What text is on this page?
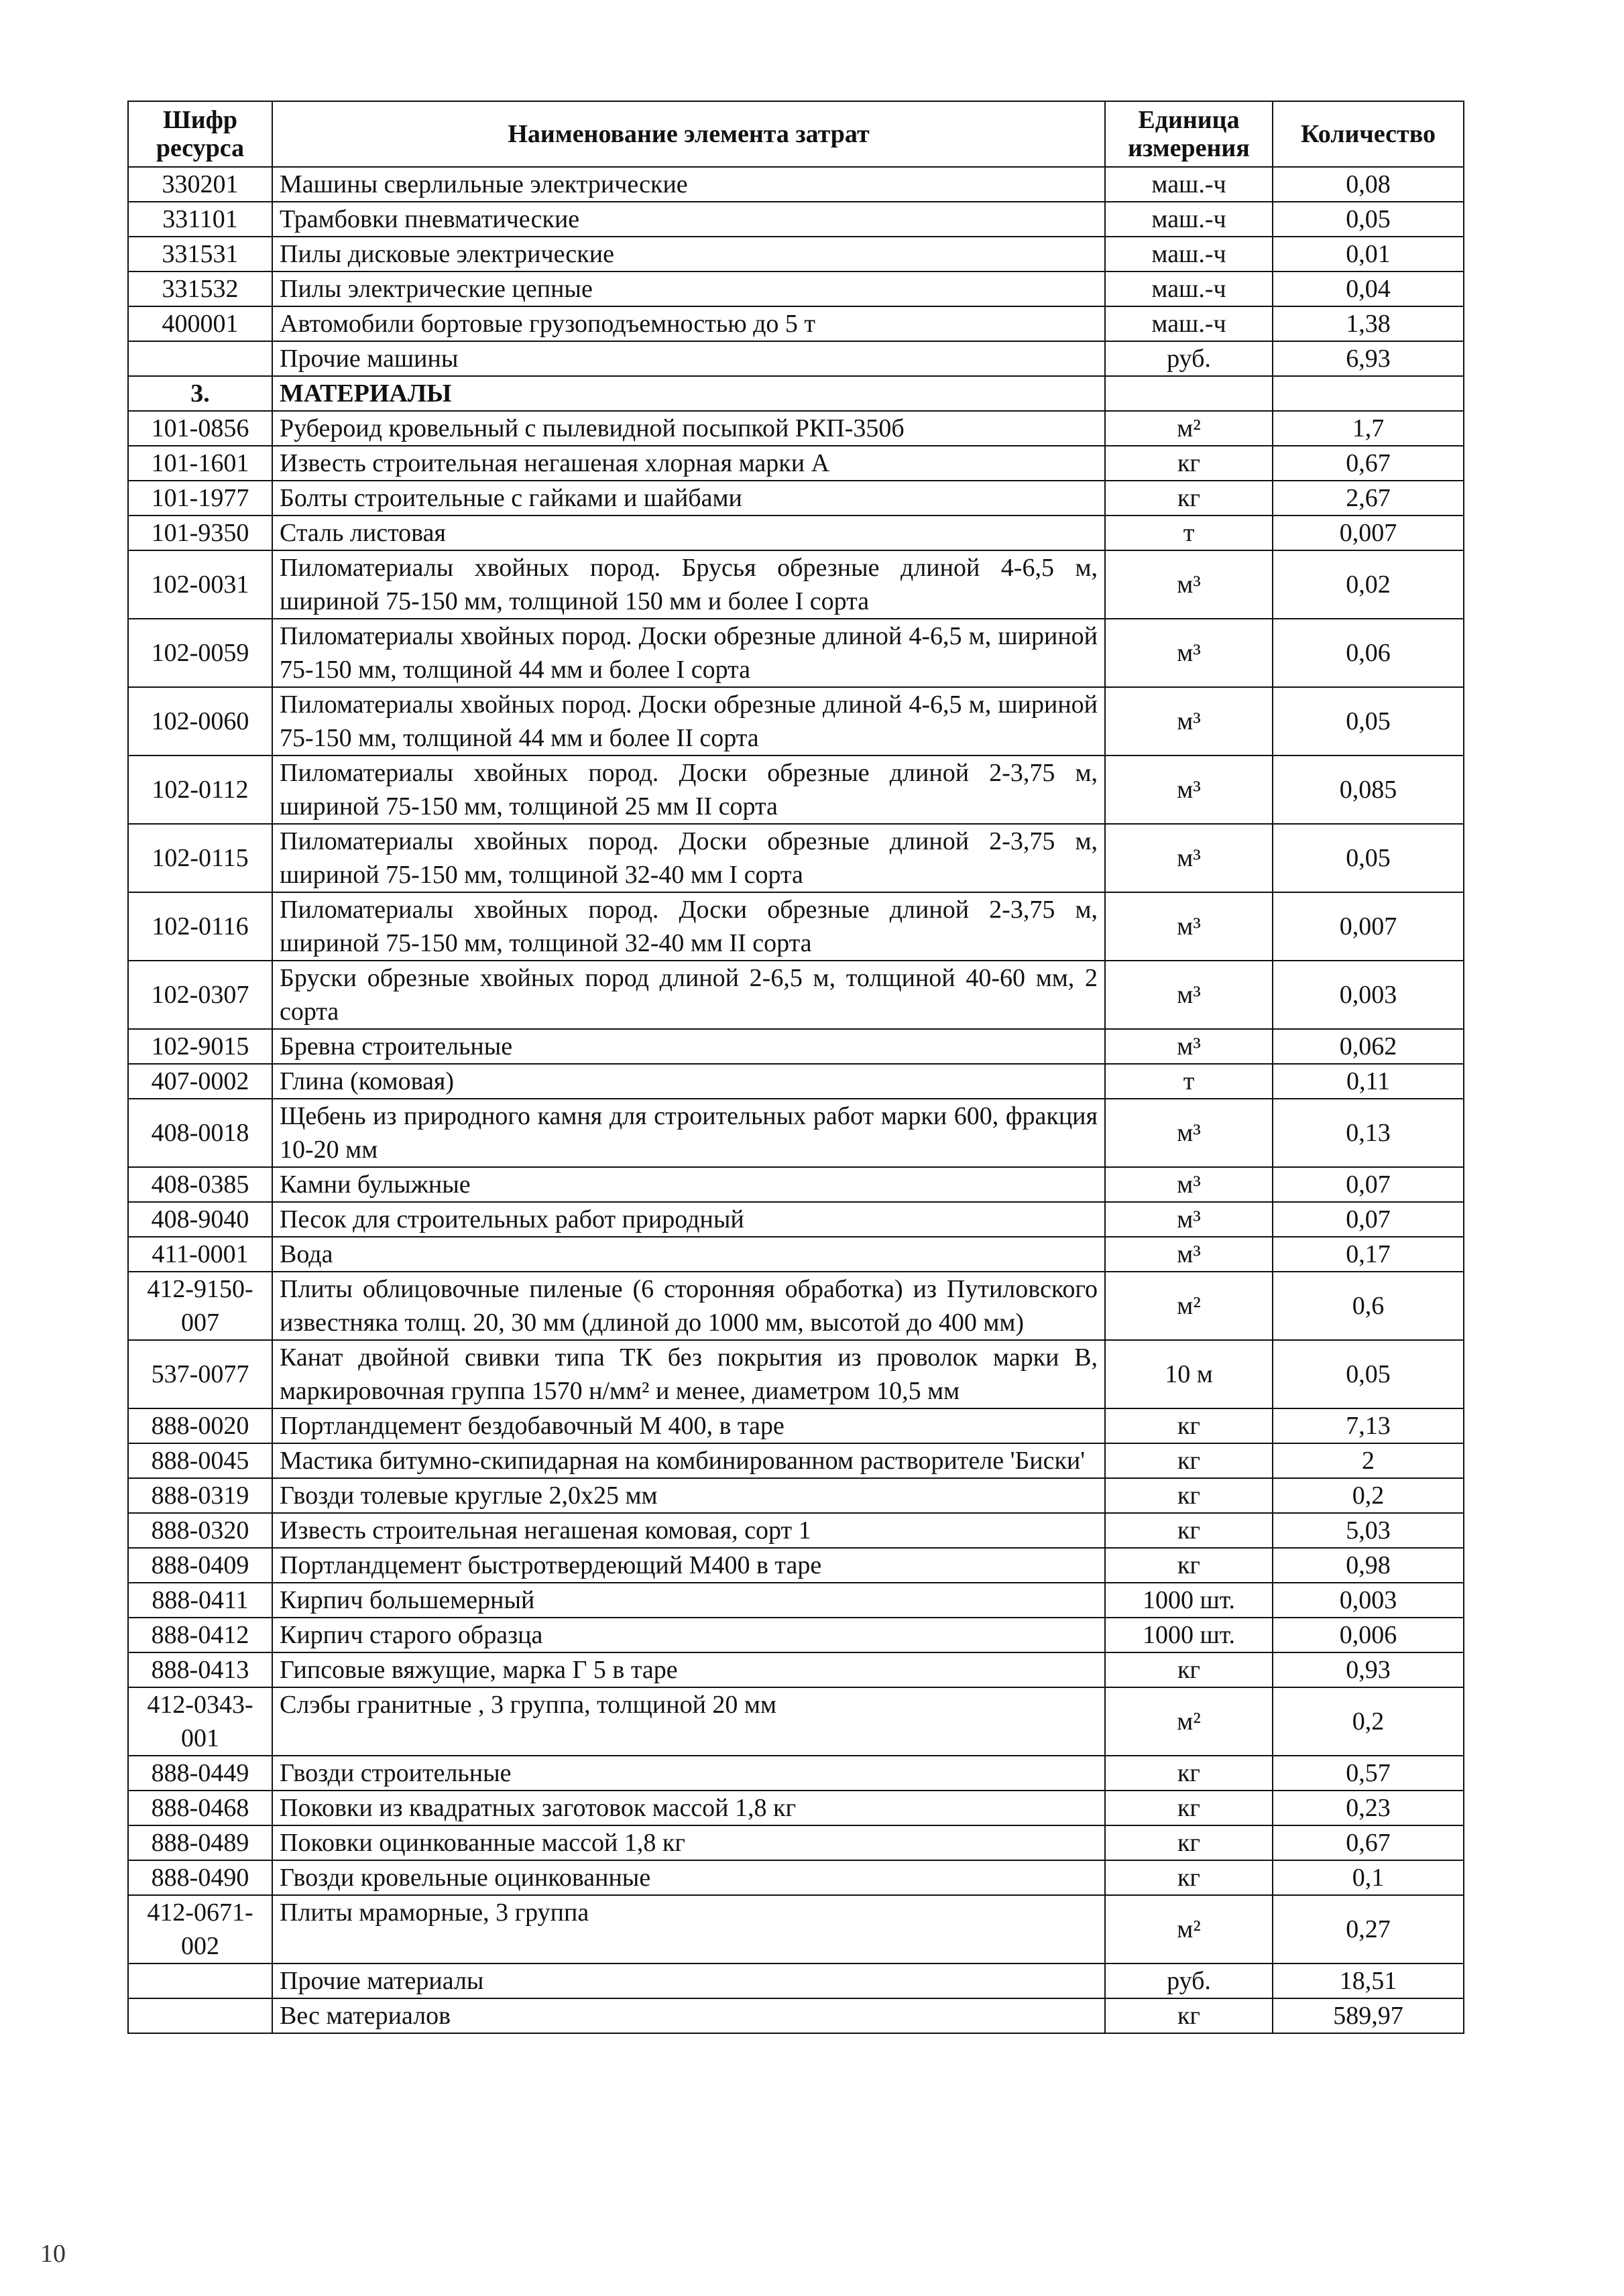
Шифр ресурса	Наименование элемента затрат	Единица измерения	Количество
330201	Машины сверлильные электрические	маш.-ч	0,08
331101	Трамбовки пневматические	маш.-ч	0,05
331531	Пилы дисковые электрические	маш.-ч	0,01
331532	Пилы электрические цепные	маш.-ч	0,04
400001	Автомобили бортовые грузоподъемностью до 5 т	маш.-ч	1,38
	Прочие машины	руб.	6,93
3.	МАТЕРИАЛЫ		
101-0856	Рубероид кровельный с пылевидной посыпкой РКП-350б	м²	1,7
101-1601	Известь строительная негашеная хлорная марки А	кг	0,67
101-1977	Болты строительные с гайками и шайбами	кг	2,67
101-9350	Сталь листовая	т	0,007
102-0031	Пиломатериалы хвойных пород. Брусья обрезные длиной 4-6,5 м, шириной 75-150 мм, толщиной 150 мм и более I сорта	м³	0,02
102-0059	Пиломатериалы хвойных пород. Доски обрезные длиной 4-6,5 м, шириной 75-150 мм, толщиной 44 мм и более I сорта	м³	0,06
102-0060	Пиломатериалы хвойных пород. Доски обрезные длиной 4-6,5 м, шириной 75-150 мм, толщиной 44 мм и более II сорта	м³	0,05
102-0112	Пиломатериалы хвойных пород. Доски обрезные длиной 2-3,75 м, шириной 75-150 мм, толщиной 25 мм II сорта	м³	0,085
102-0115	Пиломатериалы хвойных пород. Доски обрезные длиной 2-3,75 м, шириной 75-150 мм, толщиной 32-40 мм I сорта	м³	0,05
102-0116	Пиломатериалы хвойных пород. Доски обрезные длиной 2-3,75 м, шириной 75-150 мм, толщиной 32-40 мм II сорта	м³	0,007
102-0307	Бруски обрезные хвойных пород длиной 2-6,5 м, толщиной 40-60 мм, 2 сорта	м³	0,003
102-9015	Бревна строительные	м³	0,062
407-0002	Глина (комовая)	т	0,11
408-0018	Щебень из природного камня для строительных работ марки 600, фракция 10-20 мм	м³	0,13
408-0385	Камни булыжные	м³	0,07
408-9040	Песок для строительных работ природный	м³	0,07
411-0001	Вода	м³	0,17
412-9150-007	Плиты облицовочные пиленые (6 сторонняя обработка) из Путиловского известняка толщ. 20, 30 мм (длиной до 1000 мм, высотой до 400 мм)	м²	0,6
537-0077	Канат двойной свивки типа ТК без покрытия из проволок марки В, маркировочная группа 1570 н/мм² и менее, диаметром 10,5 мм	10 м	0,05
888-0020	Портландцемент бездобавочный М 400, в таре	кг	7,13
888-0045	Мастика битумно-скипидарная на комбинированном растворителе 'Биски'	кг	2
888-0319	Гвозди толевые круглые 2,0х25 мм	кг	0,2
888-0320	Известь строительная негашеная комовая, сорт 1	кг	5,03
888-0409	Портландцемент быстротвердеющий М400 в таре	кг	0,98
888-0411	Кирпич большемерный	1000 шт.	0,003
888-0412	Кирпич старого образца	1000 шт.	0,006
888-0413	Гипсовые вяжущие, марка Г 5 в таре	кг	0,93
412-0343-001	Слэбы гранитные , 3 группа, толщиной 20 мм	м²	0,2
888-0449	Гвозди строительные	кг	0,57
888-0468	Поковки из квадратных заготовок массой 1,8 кг	кг	0,23
888-0489	Поковки оцинкованные массой 1,8 кг	кг	0,67
888-0490	Гвозди кровельные оцинкованные	кг	0,1
412-0671-002	Плиты мраморные, 3 группа	м²	0,27
	Прочие материалы	руб.	18,51
	Вес материалов	кг	589,97
10
